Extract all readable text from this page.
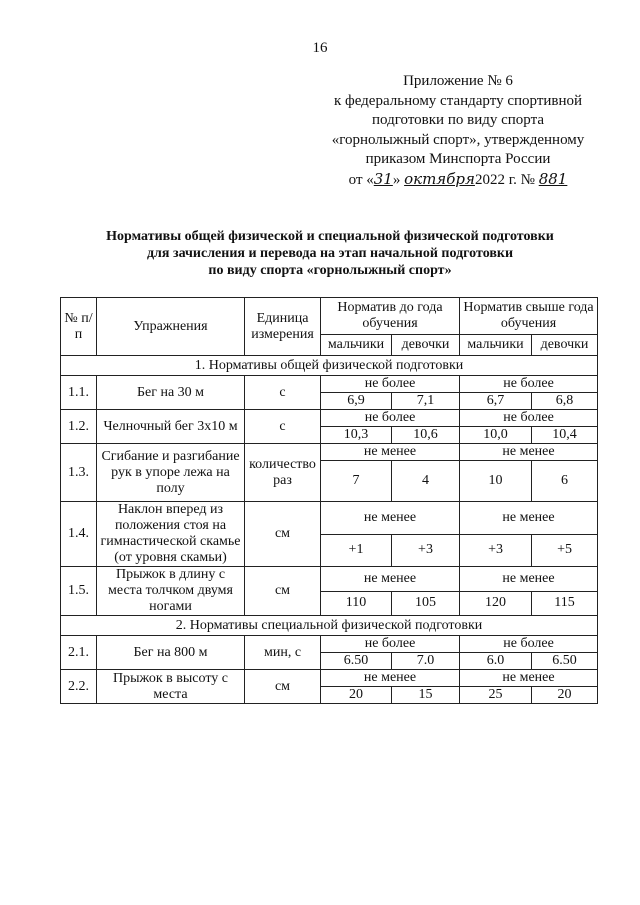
16
Приложение № 6
к федеральному стандарту спортивной
подготовки по виду спорта
«горнолыжный спорт», утвержденному
приказом Минспорта России
от «31» октября2022 г. № 881
Нормативы общей физической и специальной физической подготовки
для зачисления и перевода на этап начальной подготовки
по виду спорта «горнолыжный спорт»
№ п/п	Упражнения	Единица измерения	Норматив до года обучения		Норматив свыше года обучения	
			мальчики	девочки	мальчики	девочки
1. Нормативы общей физической подготовки						
1.1.	Бег на 30 м	с	не более		не более	
			6,9	7,1	6,7	6,8
1.2.	Челночный бег 3х10 м	с	не более		не более	
			10,3	10,6	10,0	10,4
1.3.	Сгибание и разгибание рук в упоре лежа на полу	количество раз	не менее		не менее	
			7	4	10	6
1.4.	Наклон вперед из положения стоя на гимнастической скамье (от уровня скамьи)	см	не менее		не менее	
			+1	+3	+3	+5
1.5.	Прыжок в длину с места толчком двумя ногами	см	не менее		не менее	
			110	105	120	115
2. Нормативы специальной физической подготовки						
2.1.	Бег на 800 м	мин, с	не более		не более	
			6.50	7.0	6.0	6.50
2.2.	Прыжок в высоту с места	см	не менее		не менее	
			20	15	25	20
